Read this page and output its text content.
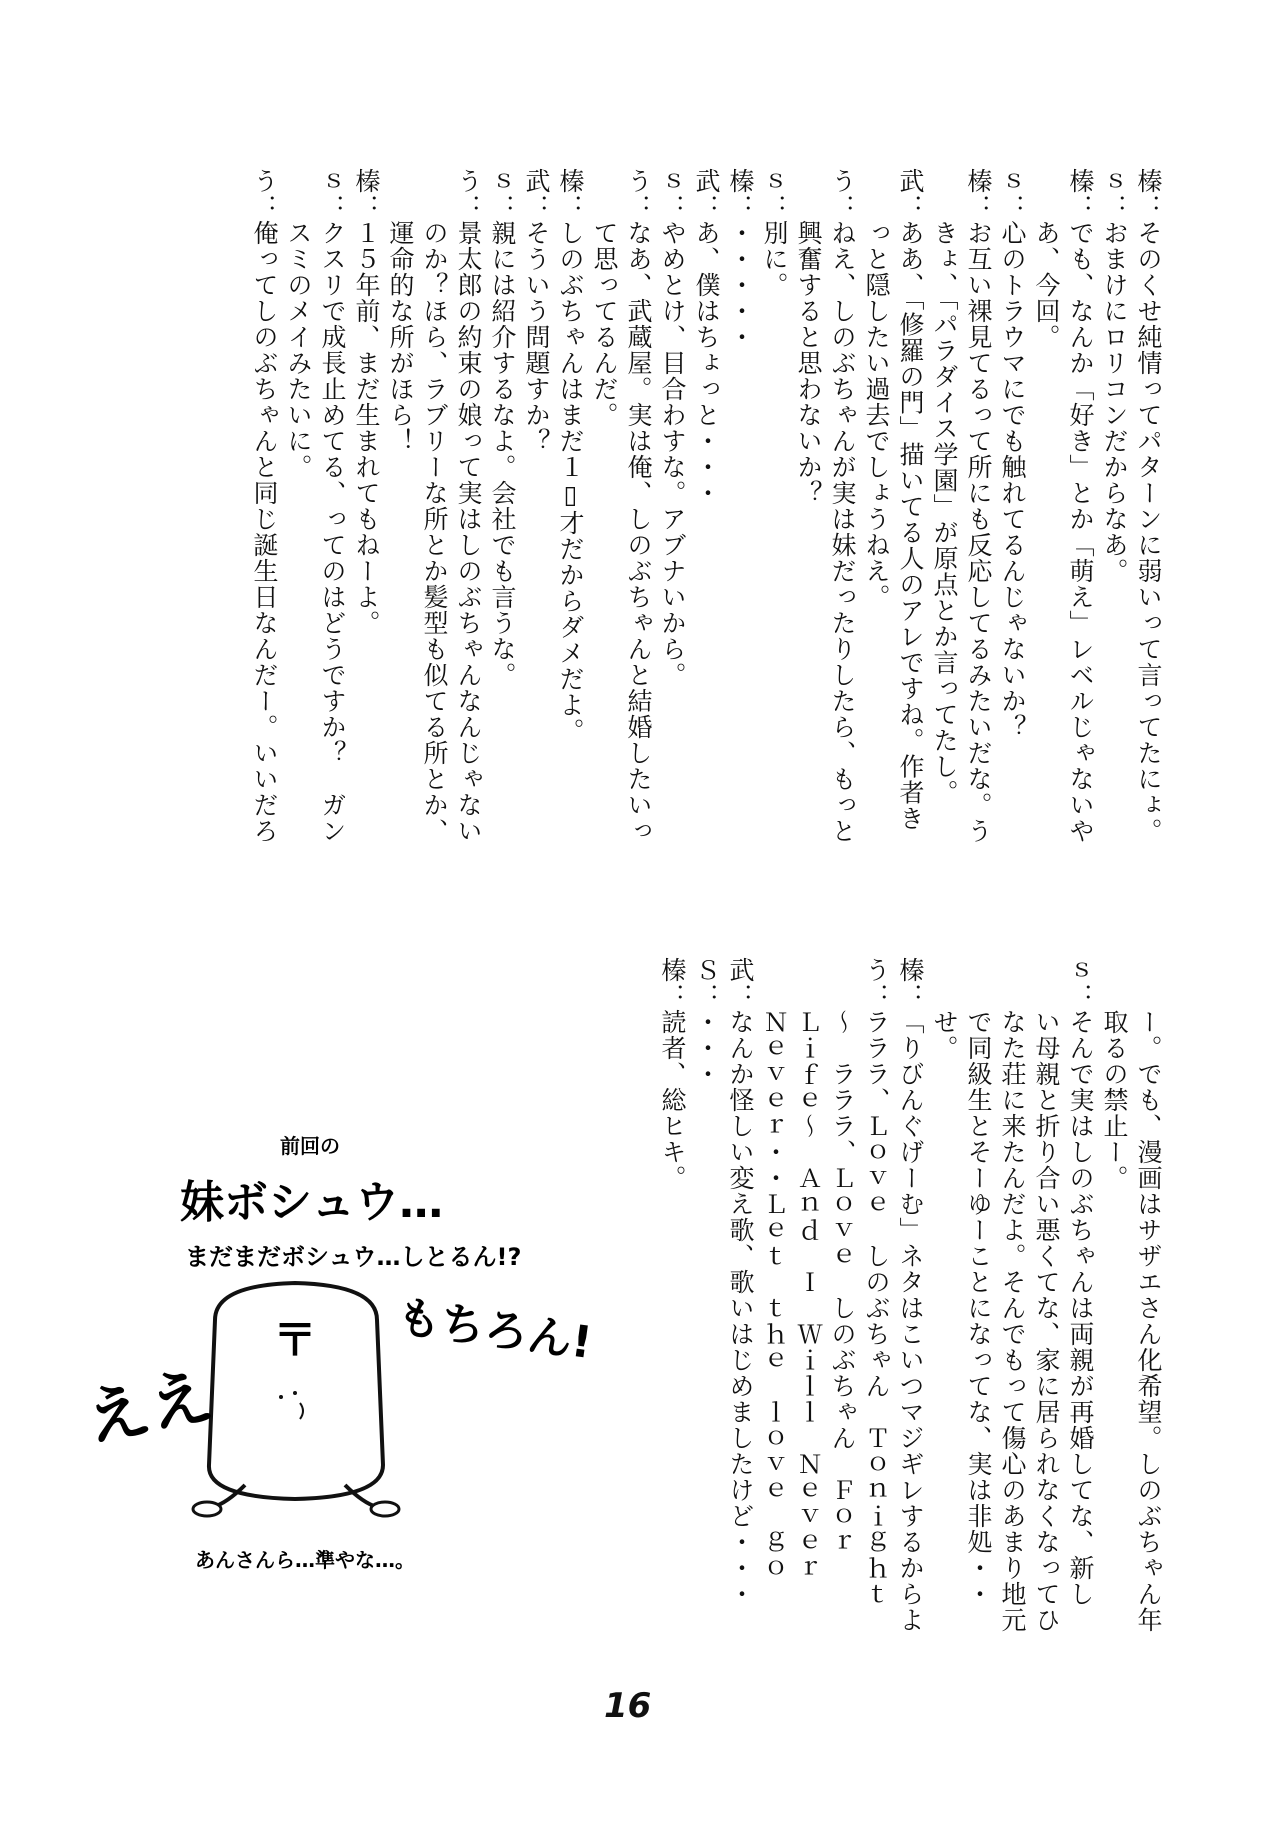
榛：そのくせ純情ってパターンに弱いって言ってたにょ。
ｓ：おまけにロリコンだからなあ。
榛：でも、なんか「好き」とか「萌え」レベルじゃないや
　　あ、今回。
ｓ：心のトラウマにでも触れてるんじゃないか？
榛：お互い裸見てるって所にも反応してるみたいだな。う
　　きょ、「パラダイス学園」が原点とか言ってたし。
武：ああ、「修羅の門」描いてる人のアレですね。作者き
　　っと隠したい過去でしょうねえ。
う：ねえ、しのぶちゃんが実は妹だったりしたら、もっと
　　興奮すると思わないか？
ｓ：別に。
榛：・・・・・
武：あ、僕はちょっと・・・
ｓ：やめとけ、目合わすな。アブナいから。
う：なあ、武蔵屋。実は俺、しのぶちゃんと結婚したいっ
　　て思ってるんだ。
榛：しのぶちゃんはまだ１▯才だからダメだよ。
武：そういう問題すか？
ｓ：親には紹介するなよ。会社でも言うな。
う：景太郎の約束の娘って実はしのぶちゃんなんじゃない
　　のか？ほら、ラブリーな所とか髪型も似てる所とか、
　　運命的な所がほら！
榛：１５年前、まだ生まれてもねーよ。
ｓ：クスリで成長止めてる、ってのはどうですか？　ガン
　　スミのメイみたいに。
う：俺ってしのぶちゃんと同じ誕生日なんだー。いいだろ
　　ー。でも、漫画はサザエさん化希望。しのぶちゃん年
　　取るの禁止ー。
ｓ：そんで実はしのぶちゃんは両親が再婚してな、新し
　　い母親と折り合い悪くてな、家に居られなくなってひ
　　なた荘に来たんだよ。そんでもって傷心のあまり地元
　　で同級生とそーゆーことになってな、実は非処・・
　　せ。
榛：「りびんぐげーむ」ネタはこいつマジギレするからよ
う：ラララ、Ｌｏｖｅ　しのぶちゃん　Ｔｏｎｉｇｈｔ
　　〜　ラララ、Ｌｏｖｅ　しのぶちゃん　Ｆｏｒ
　　Ｌｉｆｅ〜　Ａｎｄ　Ｉ　Ｗｉｌｌ　Ｎｅｖｅｒ
　　Ｎｅｖｅｒ・・Ｌｅｔ　ｔｈｅ　ｌｏｖｅ　ｇｏ
武：なんか怪しい変え歌、歌いはじめましたけど・・・
Ｓ：・・・
榛：読者、総ヒキ。
前回の
妹ボシュウ…
まだまだボシュウ…しとるん!?
〒
ええ
もちろん!
あんさんら…準やな…。
16
